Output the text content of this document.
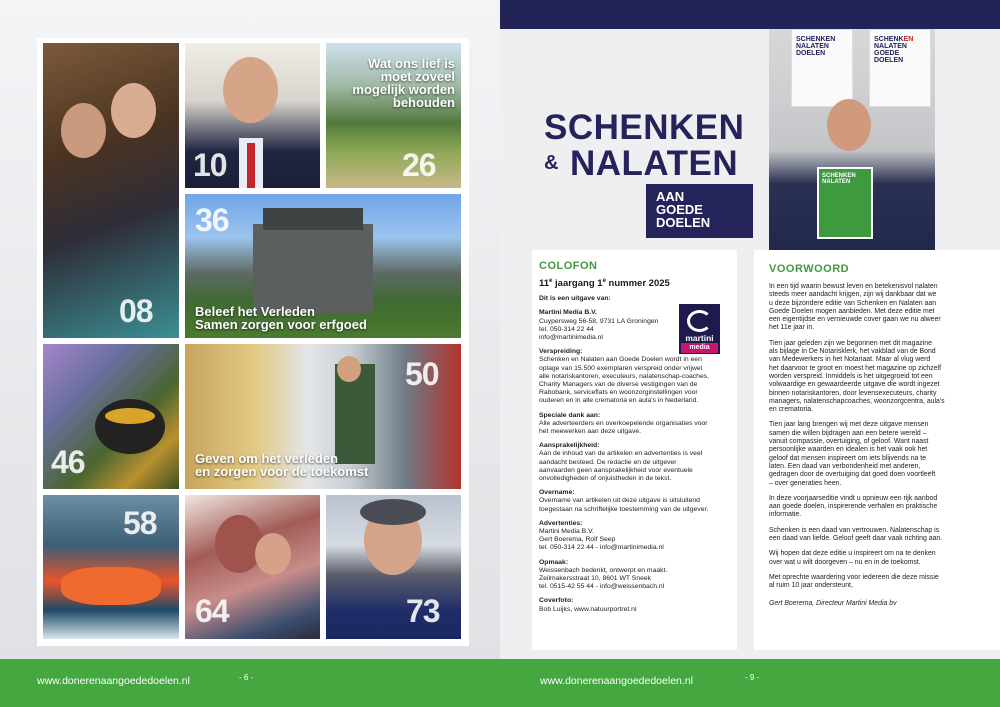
08
10
Wat ons lief is
moet zoveel
mogelijk worden
behouden
26
36
Beleef het Verleden
Samen zorgen voor erfgoed
46
50
Geven om het verleden
en zorgen voor de toekomst
58
64	73
SCHENKEN
& NALATEN
AAN
GOEDE
DOELEN
COLOFON
11e jaargang 1e nummer 2025
Dit is een uitgave van:
Martini Media B.V.
Cuypersweg 56-58, 9731 LA Groningen
tel. 050-314 22 44
info@martinimedia.nl
Verspreiding:
Schenken en Nalaten aan Goede Doelen wordt in een
oplage van 15.500 exemplaren verspreid onder vrijwel
alle notariskantoren, executeurs, nalatenschap-coaches,
Charity Managers van de diverse vestigingen van de
Rabobank, serviceflats en woonzorginstellingen voor
ouderen en in alle crematoria en aula's in Nederland.
Speciale dank aan:
Alle adverteerders en overkoepelende organisaties voor
het meewerken aan deze uitgave.
Aansprakelijkheid:
Aan de inhoud van de artikelen en advertenties is veel
aandacht besteed. De redactie en de uitgever
aanvaarden geen aansprakelijkheid voor eventuele
onvolledigheden of onjuistheden in de tekst.
Overname:
Overname van artikelen uit deze uitgave is uitsluitend
toegestaan na schriftelijke toestemming van de uitgever.
Advertenties:
Martini Media B.V.
Gert Boerema, Rolf Seep
tel. 050-314 22 44 - info@martinimedia.nl
Opmaak:
Weissenbach bedenkt, ontwerpt en maakt.
Zeilmakersstraat 10, 8601 WT Sneek
tel. 0515-42 55 44 - info@weissenbach.nl
Coverfoto:
Bob Luijks, www.natuurportret.nl
martini
media
SCHENKEN
NALATEN
DOELEN
SCHENKEN
NALATEN
GOEDE
DOELEN
SCHENKEN
NALATEN
VOORWOORD

In een tijd waarin bewust leven en betekenisvol nalaten
steeds meer aandacht krijgen, zijn wij dankbaar dat we
u deze bijzondere editie van Schenken en Nalaten aan
Goede Doelen mogen aanbieden. Met deze editie met
een eigentijdse en vernieuwde cover gaan we nu alweer
het 11e jaar in.

Tien jaar geleden zijn we begonnen met dit magazine
als bijlage in De Notarisklerk, het vakblad van de Bond
van Medewerkers in het Notariaat. Maar al vlug werd
het daarvoor te groot en moest het magazine op zichzelf
worden verspreid. Inmiddels is het uitgegroeid tot een
volwaardige en gewaardeerde uitgave die wordt ingezet
binnen notariskantoren, door levensexecuteurs, charity
managers, nalatenschapcoaches, woonzorgcentra, aula's
en crematoria.

Tien jaar lang brengen wij met deze uitgave mensen
samen die willen bijdragen aan een betere wereld –
vanuit compassie, overtuiging, of geloof. Want naast
persoonlijke waarden en idealen is het vaak ook het
geloof dat mensen inspireert om iets blijvends na te
laten. Een daad van verbondenheid met anderen,
gedragen door de overtuiging dat goed doen voortleeft
– over generaties heen.

In deze voorjaarseditie vindt u opnieuw een rijk aanbod
aan goede doelen, inspirerende verhalen en praktische
informatie.

Schenken is een daad van vertrouwen. Nalatenschap is
een daad van liefde. Geloof geeft daar vaak richting aan.

Wij hopen dat deze editie u inspireert om na te denken
over wat u wilt doorgeven – nu en in de toekomst.

Met oprechte waardering voor iedereen die deze missie
al ruim 10 jaar ondersteunt,

Gert Boerema, Directeur Martini Media bv

www.donerenaangoededoelen.nl	- 6 -	www.donerenaangoededoelen.nl	- 9 -
